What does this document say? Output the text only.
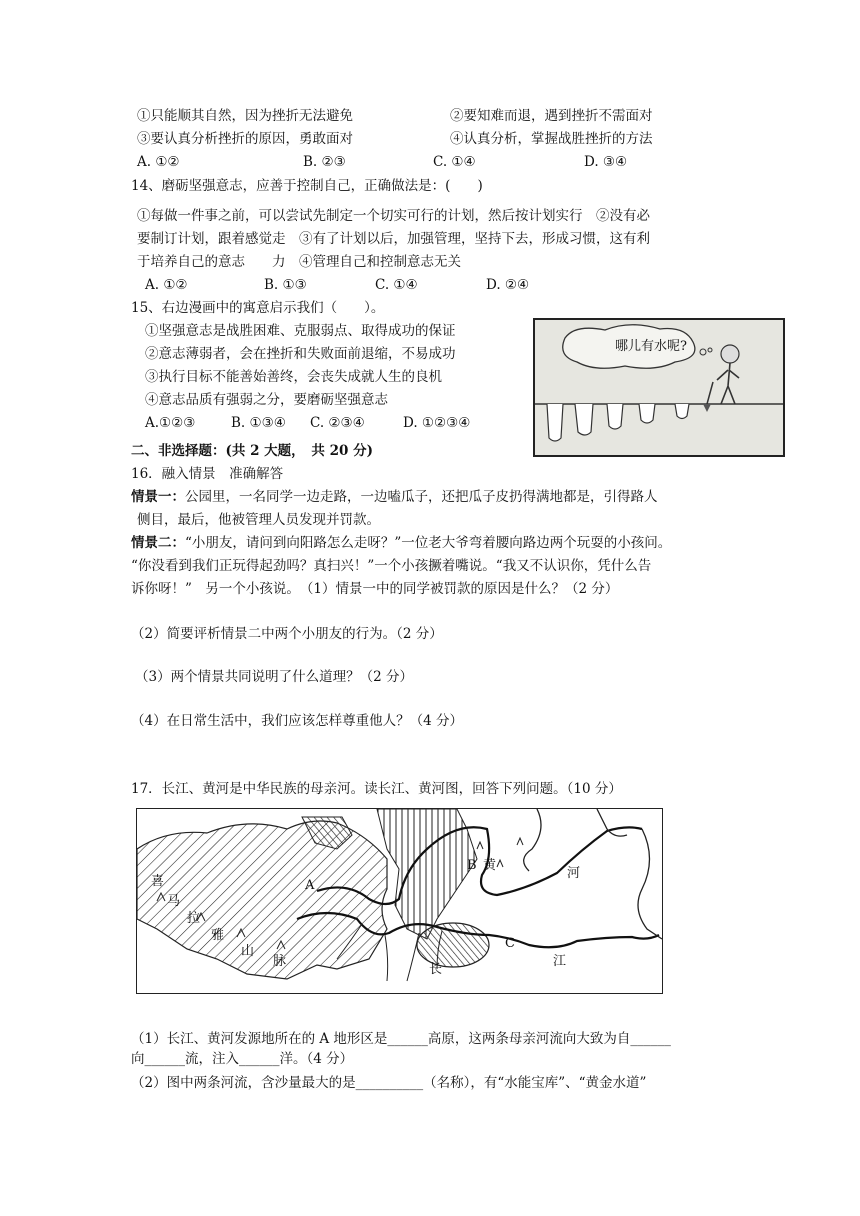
①只能顺其自然，因为挫折无法避免	②要知难而退，遇到挫折不需面对
③要认真分析挫折的原因，勇敢面对	④认真分析，掌握战胜挫折的方法
A. ①②	B. ②③	C. ①④	D. ③④
14、磨砺坚强意志，应善于控制自己，正确做法是：(　　)
①每做一件事之前，可以尝试先制定一个切实可行的计划，然后按计划实行　②没有必
要制订计划，跟着感觉走　③有了计划以后，加强管理，坚持下去，形成习惯，这有利
于培养自己的意志　　力　④管理自己和控制意志无关
A. ①②	B. ①③	C. ①④	D. ②④
15、右边漫画中的寓意启示我们（　　）。
①坚强意志是战胜困难、克服弱点、取得成功的保证
②意志薄弱者，会在挫折和失败面前退缩，不易成功
③执行目标不能善始善终，会丧失成就人生的良机
④意志品质有强弱之分，要磨砺坚强意志
A.①②③	B. ①③④ C. ②③④	D. ①②③④
哪儿有水呢?
二、非选择题：(共 2 大题，　共 20 分)
16．融入情景　准确解答
情景一：公园里，一名同学一边走路，一边嗑瓜子，还把瓜子皮扔得满地都是，引得路人
侧目，最后，他被管理人员发现并罚款。
情景二：“小朋友，请问到向阳路怎么走呀？”一位老大爷弯着腰向路边两个玩耍的小孩问。
“你没看到我们正玩得起劲吗？真扫兴！”一个小孩撅着嘴说。“我又不认识你，凭什么告
诉你呀！”　另一个小孩说。　（1）情景一中的同学被罚款的原因是什么？（2 分）
（2）简要评析情景二中两个小朋友的行为。（2 分）
（3）两个情景共同说明了什么道理？（2 分）
（4）在日常生活中，我们应该怎样尊重他人？（4 分）
17．长江、黄河是中华民族的母亲河。读长江、黄河图，回答下列问题。（10 分）
喜
马
拉
雅
山
脉
A
B 黄
河
C
江
长
（1）长江、黄河发源地所在的 A 地形区是______高原，这两条母亲河流向大致为自______
向______流，注入______洋。（4 分）
（2）图中两条河流，含沙量最大的是__________（名称），有“水能宝库”、“黄金水道”
